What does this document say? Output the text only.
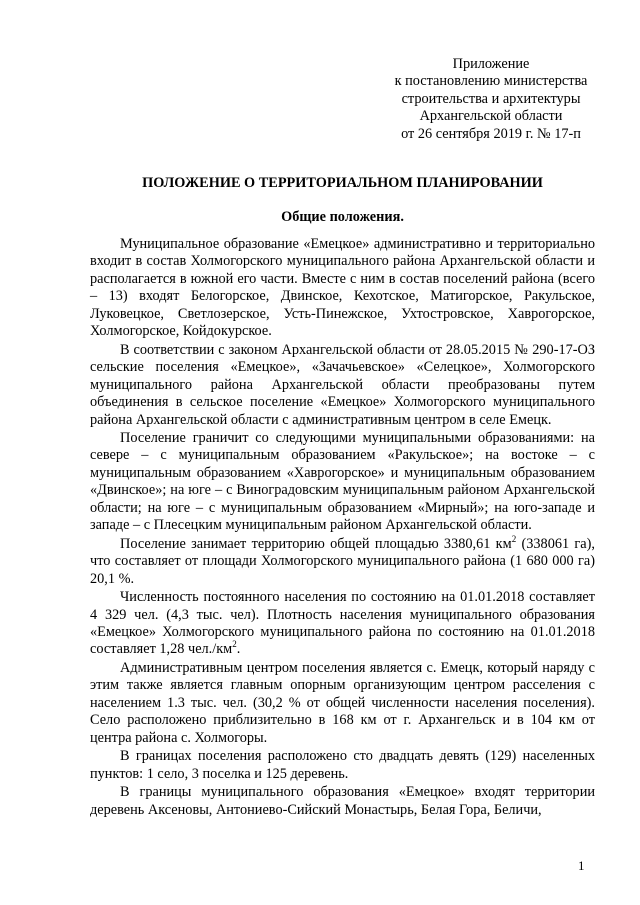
Приложение
к постановлению министерства
строительства и архитектуры
Архангельской области
от 26 сентября 2019 г. № 17-п
ПОЛОЖЕНИЕ О ТЕРРИТОРИАЛЬНОМ ПЛАНИРОВАНИИ
Общие положения.

Муниципальное образование «Емецкое» административно и территориально входит в состав Холмогорского муниципального района Архангельской области и располагается в южной его части. Вместе с ним в состав поселений района (всего – 13) входят Белогорское, Двинское, Кехотское, Матигорское, Ракульское, Луковецкое, Светлозерское, Усть-Пинежское, Ухтостровское, Хаврогорское, Холмогорское, Койдокурское.

В соответствии с законом Архангельской области от 28.05.2015 № 290-17-ОЗ сельские поселения «Емецкое», «Зачачьевское» «Селецкое», Холмогорского муниципального района Архангельской области преобразованы путем объединения в сельское поселение «Емецкое» Холмогорского муниципального района Архангельской области с административным центром в селе Емецк.

Поселение граничит со следующими муниципальными образованиями: на севере – с муниципальным образованием «Ракульское»; на востоке – с муниципальным образованием «Хаврогорское» и муниципальным образованием «Двинское»; на юге – с Виноградовским муниципальным районом Архангельской области; на юге – с муниципальным образованием «Мирный»; на юго-западе и западе – с Плесецким муниципальным районом Архангельской области.

Поселение занимает территорию общей площадью 3380,61 $км^2$ (338061 га), что составляет от площади Холмогорского муниципального района (1 680 000 га) 20,1 %.

Численность постоянного населения по состоянию на 01.01.2018 составляет 4 329 чел. (4,3 тыс. чел). Плотность населения муниципального образования «Емецкое» Холмогорского муниципального района по состоянию на 01.01.2018 составляет 1,28 $чел./км^2$.

Административным центром поселения является с. Емецк, который наряду с этим также является главным опорным организующим центром расселения с населением 1.3 тыс. чел. (30,2 % от общей численности населения поселения). Село расположено приблизительно в 168 км от г. Архангельск и в 104 км от центра района с. Холмогоры.

В границах поселения расположено сто двадцать девять (129) населенных пунктов: 1 село, 3 поселка и 125 деревень.

В границы муниципального образования «Емецкое» входят территории деревень Аксеновы, Антониево-Сийский Монастырь, Белая Гора, Беличи,

1
